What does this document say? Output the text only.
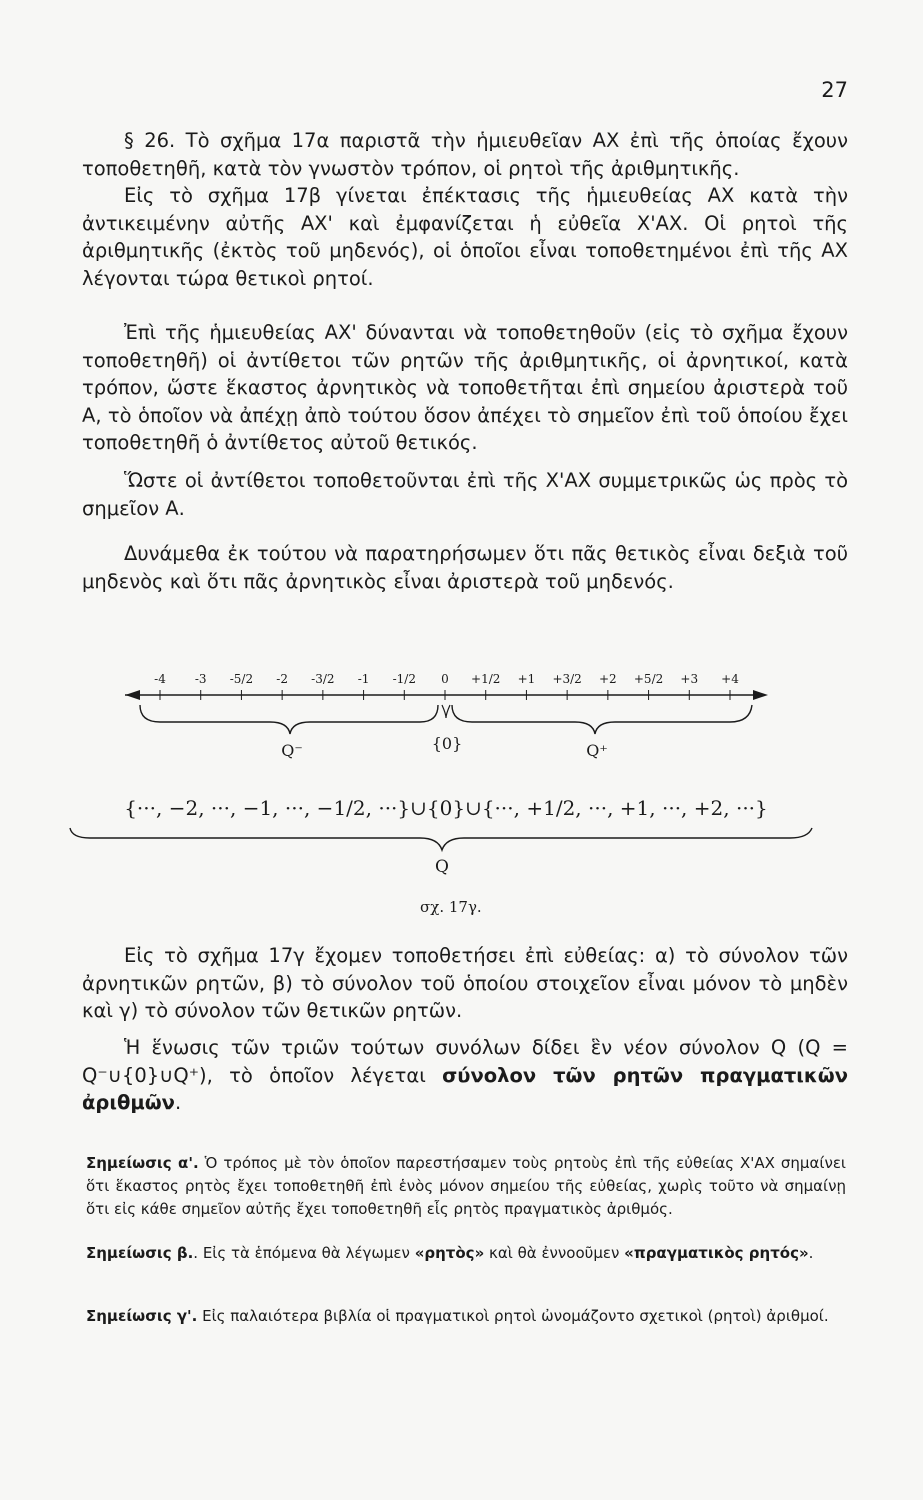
27

§ 26. Τὸ σχῆμα 17α παριστᾶ τὴν ἡμιευθεῖαν ΑΧ ἐπὶ τῆς ὁποίας ἔχουν τοποθετηθῆ, κατὰ τὸν γνωστὸν τρόπον, οἱ ρητοὶ τῆς ἀριθμητικῆς.

Εἰς τὸ σχῆμα 17β γίνεται ἐπέκτασις τῆς ἡμιευθείας ΑΧ κατὰ τὴν ἀντικειμένην αὐτῆς ΑΧ' καὶ ἐμφανίζεται ἡ εὐθεῖα Χ'ΑΧ. Οἱ ρητοὶ τῆς ἀριθμητικῆς (ἐκτὸς τοῦ μηδενός), οἱ ὁποῖοι εἶναι τοποθετημένοι ἐπὶ τῆς ΑΧ λέγονται τώρα θετικοὶ ρητοί.

Ἐπὶ τῆς ἡμιευθείας ΑΧ' δύνανται νὰ τοποθετηθοῦν (εἰς τὸ σχῆμα ἔχουν τοποθετηθῆ) οἱ ἀντίθετοι τῶν ρητῶν τῆς ἀριθμητικῆς, οἱ ἀρνητικοί, κατὰ τρόπον, ὥστε ἕκαστος ἀρνητικὸς νὰ τοποθετῆται ἐπὶ σημείου ἀριστερὰ τοῦ Α, τὸ ὁποῖον νὰ ἀπέχῃ ἀπὸ τούτου ὅσον ἀπέχει τὸ σημεῖον ἐπὶ τοῦ ὁποίου ἔχει τοποθετηθῆ ὁ ἀντίθετος αὐτοῦ θετικός.

Ὥστε οἱ ἀντίθετοι τοποθετοῦνται ἐπὶ τῆς Χ'ΑΧ συμμετρικῶς ὡς πρὸς τὸ σημεῖον Α.

Δυνάμεθα ἐκ τούτου νὰ παρατηρήσωμεν ὅτι πᾶς θετικὸς εἶναι δεξιὰ τοῦ μηδενὸς καὶ ὅτι πᾶς ἀρνητικὸς εἶναι ἀριστερὰ τοῦ μηδενός.

-4 -3 -5/2 -2 -3/2 -1 -1/2 0 +1/2 +1 +3/2 +2 +5/2 +3 +4
Q⁻	{0}	Q⁺
{···, −2, ···, −1, ···, −1/2, ···}∪{0}∪{···, +1/2, ···, +1, ···, +2, ···}
Q
σχ. 17γ.

Εἰς τὸ σχῆμα 17γ ἔχομεν τοποθετήσει ἐπὶ εὐθείας: α) τὸ σύνολον τῶν ἀρνητικῶν ρητῶν, β) τὸ σύνολον τοῦ ὁποίου στοιχεῖον εἶναι μόνον τὸ μηδὲν καὶ γ) τὸ σύνολον τῶν θετικῶν ρητῶν.

Ἡ ἕνωσις τῶν τριῶν τούτων συνόλων δίδει ἓν νέον σύνολον Q (Q = Q⁻∪{0}∪Q⁺), τὸ ὁποῖον λέγεται σύνολον τῶν ρητῶν πραγματικῶν ἀριθμῶν.

Σημείωσις α'. Ὁ τρόπος μὲ τὸν ὁποῖον παρεστήσαμεν τοὺς ρητοὺς ἐπὶ τῆς εὐθείας Χ'ΑΧ σημαίνει ὅτι ἕκαστος ρητὸς ἔχει τοποθετηθῆ ἐπὶ ἑνὸς μόνον σημείου τῆς εὐθείας, χωρὶς τοῦτο νὰ σημαίνῃ ὅτι εἰς κάθε σημεῖον αὐτῆς ἔχει τοποθετηθῆ εἷς ρητὸς πραγματικὸς ἀριθμός.

Σημείωσις β.. Εἰς τὰ ἑπόμενα θὰ λέγωμεν «ρητὸς» καὶ θὰ ἐννοοῦμεν «πραγματικὸς ρητός».

Σημείωσις γ'. Εἰς παλαιότερα βιβλία οἱ πραγματικοὶ ρητοὶ ὠνομάζοντο σχετικοὶ (ρητοὶ) ἀριθμοί.
